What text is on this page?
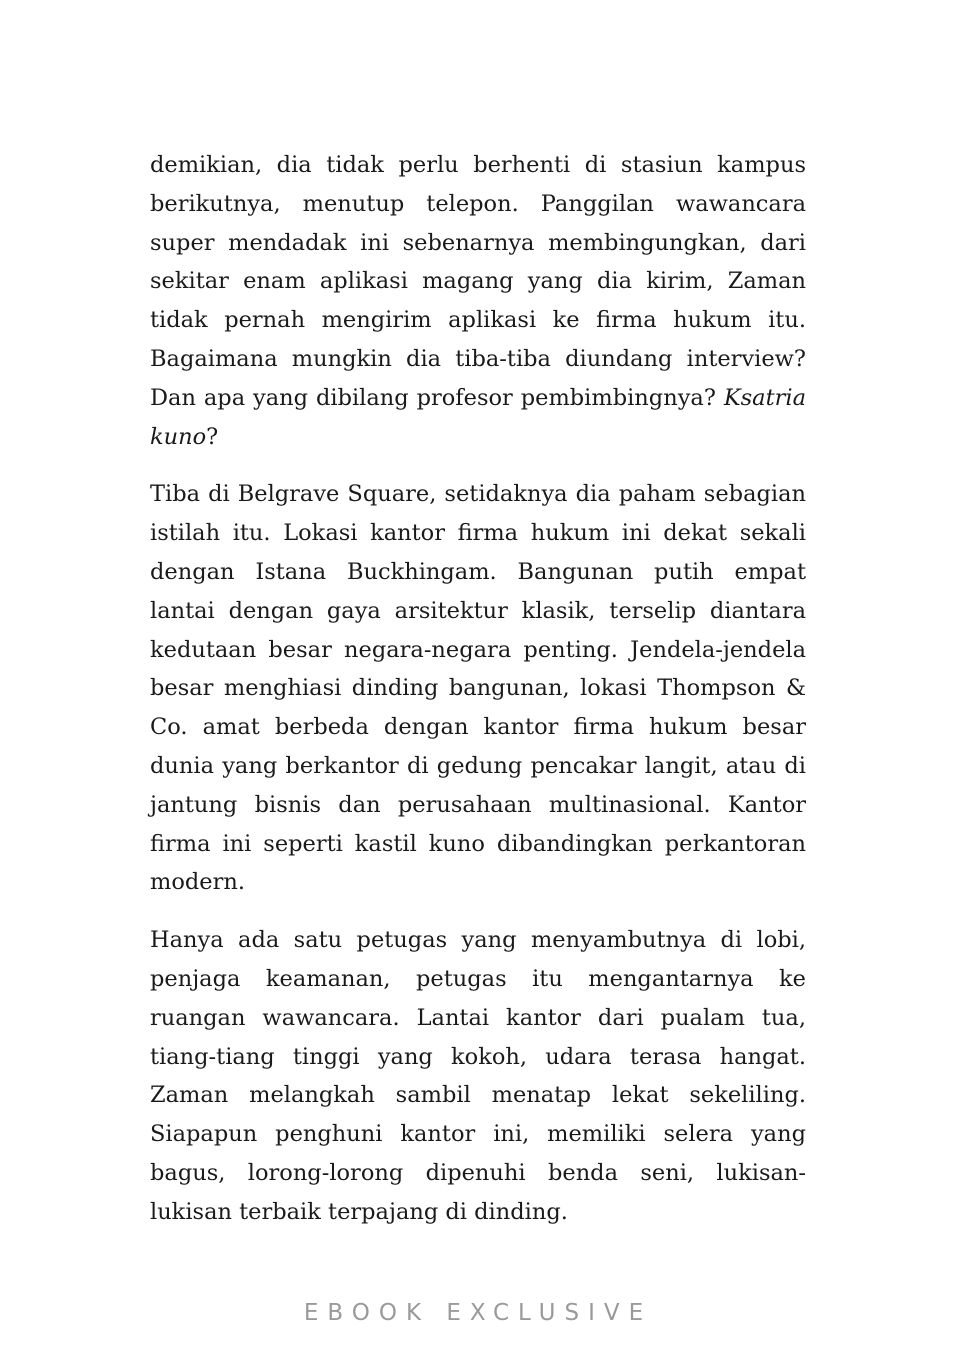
demikian, dia tidak perlu berhenti di stasiun kampus berikutnya, menutup telepon. Panggilan wawancara super mendadak ini sebenarnya membingungkan, dari sekitar enam aplikasi magang yang dia kirim, Zaman tidak pernah mengirim aplikasi ke firma hukum itu. Bagaimana mungkin dia tiba-tiba diundang interview? Dan apa yang dibilang profesor pembimbingnya? Ksatria kuno?

Tiba di Belgrave Square, setidaknya dia paham sebagian istilah itu. Lokasi kantor firma hukum ini dekat sekali dengan Istana Buckhingam. Bangunan putih empat lantai dengan gaya arsitektur klasik, terselip diantara kedutaan besar negara-negara penting. Jendela-jendela besar menghiasi dinding bangunan, lokasi Thompson & Co. amat berbeda dengan kantor firma hukum besar dunia yang berkantor di gedung pencakar langit, atau di jantung bisnis dan perusahaan multinasional. Kantor firma ini seperti kastil kuno dibandingkan perkantoran modern.

Hanya ada satu petugas yang menyambutnya di lobi, penjaga keamanan, petugas itu mengantarnya ke ruangan wawancara. Lantai kantor dari pualam tua, tiang-tiang tinggi yang kokoh, udara terasa hangat. Zaman melangkah sambil menatap lekat sekeliling. Siapapun penghuni kantor ini, memiliki selera yang bagus, lorong-lorong dipenuhi benda seni, lukisan-lukisan terbaik terpajang di dinding.

EBOOK EXCLUSIVE
